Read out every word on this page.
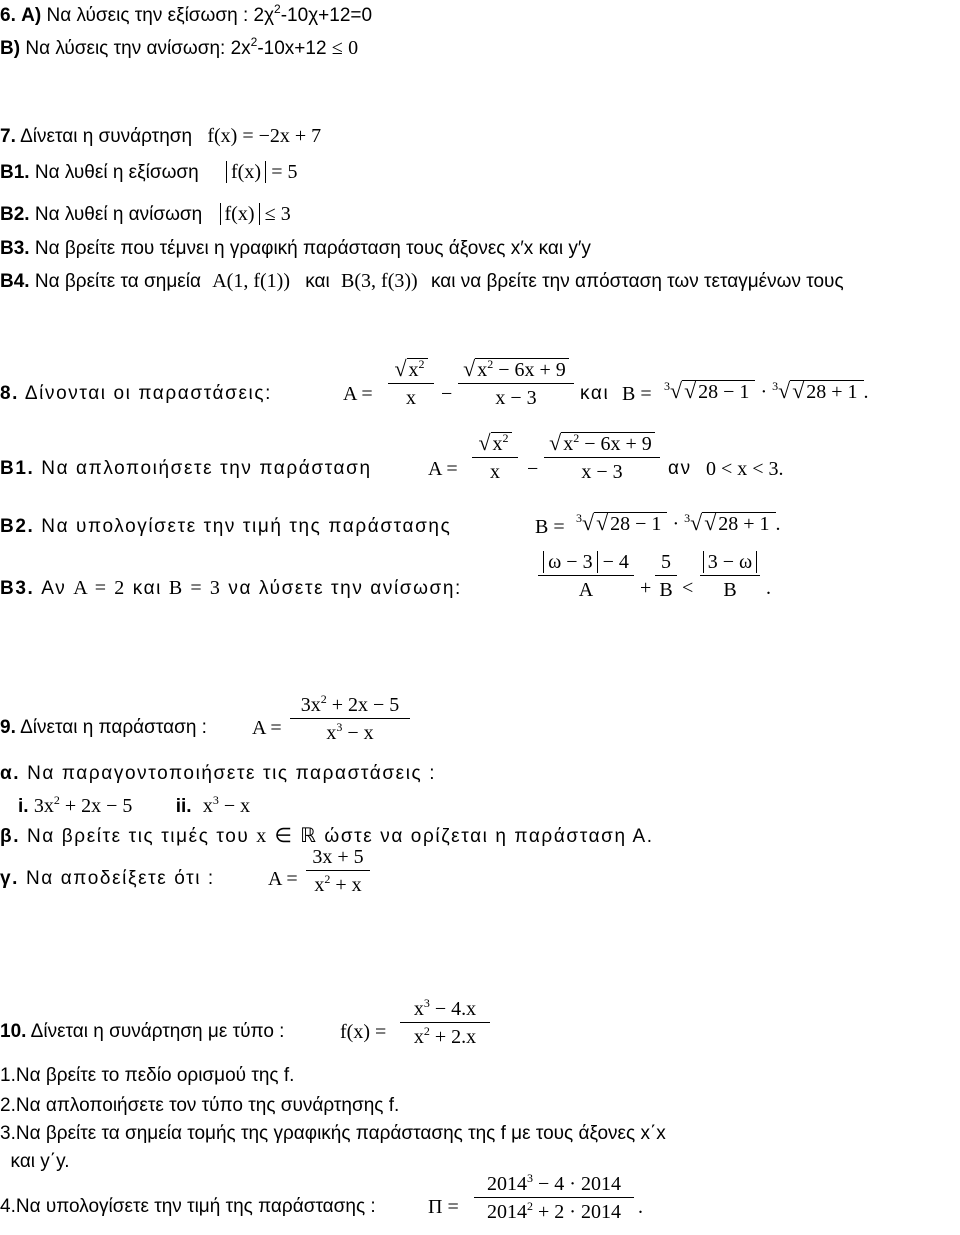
6. A) Να λύσεις την εξίσωση : $2\chi^2-10\chi+12=0$
B) Να λύσεις την ανίσωση: $2x^2-10x+12 \le 0$
7. Δίνεται η συνάρτηση f(x) = −2x + 7
B1. Να λυθεί η εξίσωση f(x) = 5
B2. Να λυθεί η ανίσωση f(x) ≤ 3
B3. Να βρείτε που τέμνει η γραφική παράσταση τους άξονες x′x και y′y
B4. Να βρείτε τα σημεία A(1, f(1)) και B(3, f(3)) και να βρείτε την απόσταση των τεταγμένων τους
8. Δίνονται οι παραστάσεις:	A =
√ $x^2$
x	−
√ $x^2 - 6x + 9$
x − 3	και B = $^3$√√ 28 − 1 · $^3$√√ 28 + 1 .
B1. Να απλοποιήσετε την παράσταση	A =
√ $x^2$
x	−
√ $x^2 - 6x + 9$
x − 3	αν 0 < x < 3.
B2. Να υπολογίσετε την τιμή της παράστασης	B = $^3$√√ 28 − 1 · $^3$√√ 28 + 1 .
B3. Αν A = 2 και B = 3 να λύσετε την ανίσωση:
ω − 3 − 4
A	+
5
B <
3 − ω
B	.
9. Δίνεται η παράσταση : A =
$3x^2 + 2x - 5$
$x^3 - x$
α. Να παραγοντοποιήσετε τις παραστάσεις :
i. $3x^2 + 2x - 5$ ii. $x^3 - x$
β. Να βρείτε τις τιμές του x ∈ ℝ ώστε να ορίζεται η παράσταση Α.
γ. Να αποδείξετε ότι :	A =
3x + 5
$x^2 + x$
10. Δίνεται η συνάρτηση με τύπο :	f(x) =
$x^3 - 4.x$
$x^2 + 2.x$
1.Να βρείτε το πεδίο ορισμού της f.
2.Να απλοποιήσετε τον τύπο της συνάρτησης f.
3.Να βρείτε τα σημεία τομής της γραφικής παράστασης της f με τους άξονες x΄x
και y΄y.
4.Να υπολογίσετε την τιμή της παράστασης :	Π =
$2014^3 - 4 \cdot 2014$
$2014^2 + 2 \cdot 2014$ .
